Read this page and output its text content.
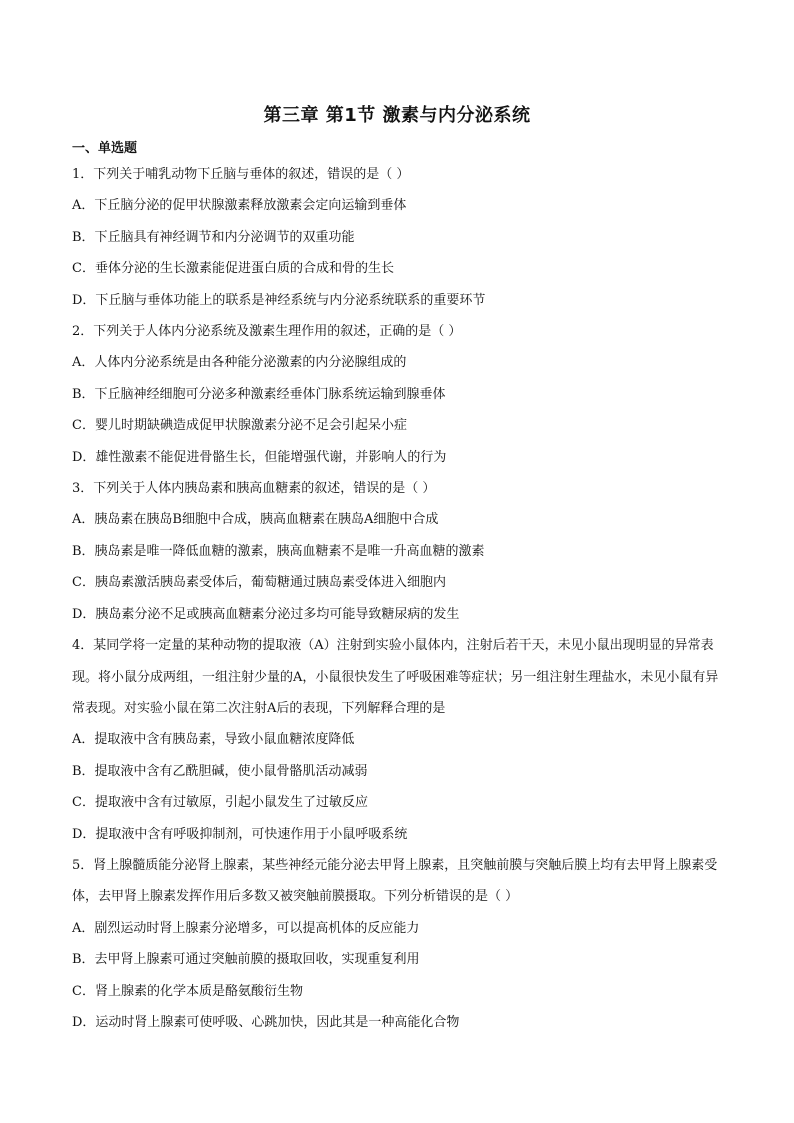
第三章 第1节 激素与内分泌系统
一、单选题
1．下列关于哺乳动物下丘脑与垂体的叙述，错误的是（ ）
A．下丘脑分泌的促甲状腺激素释放激素会定向运输到垂体
B．下丘脑具有神经调节和内分泌调节的双重功能
C．垂体分泌的生长激素能促进蛋白质的合成和骨的生长
D．下丘脑与垂体功能上的联系是神经系统与内分泌系统联系的重要环节
2．下列关于人体内分泌系统及激素生理作用的叙述，正确的是（ ）
A．人体内分泌系统是由各种能分泌激素的内分泌腺组成的
B．下丘脑神经细胞可分泌多种激素经垂体门脉系统运输到腺垂体
C．婴儿时期缺碘造成促甲状腺激素分泌不足会引起呆小症
D．雄性激素不能促进骨骼生长，但能增强代谢，并影响人的行为
3．下列关于人体内胰岛素和胰高血糖素的叙述，错误的是（ ）
A．胰岛素在胰岛B细胞中合成，胰高血糖素在胰岛A细胞中合成
B．胰岛素是唯一降低血糖的激素，胰高血糖素不是唯一升高血糖的激素
C．胰岛素激活胰岛素受体后，葡萄糖通过胰岛素受体进入细胞内
D．胰岛素分泌不足或胰高血糖素分泌过多均可能导致糖尿病的发生
4．某同学将一定量的某种动物的提取液（A）注射到实验小鼠体内，注射后若干天，未见小鼠出现明显的异常表现。将小鼠分成两组，一组注射少量的A，小鼠很快发生了呼吸困难等症状；另一组注射生理盐水，未见小鼠有异常表现。对实验小鼠在第二次注射A后的表现，下列解释合理的是
A．提取液中含有胰岛素，导致小鼠血糖浓度降低
B．提取液中含有乙酰胆碱，使小鼠骨骼肌活动减弱
C．提取液中含有过敏原，引起小鼠发生了过敏反应
D．提取液中含有呼吸抑制剂，可快速作用于小鼠呼吸系统
5．肾上腺髓质能分泌肾上腺素，某些神经元能分泌去甲肾上腺素，且突触前膜与突触后膜上均有去甲肾上腺素受体，去甲肾上腺素发挥作用后多数又被突触前膜摄取。下列分析错误的是（ ）
A．剧烈运动时肾上腺素分泌增多，可以提高机体的反应能力
B．去甲肾上腺素可通过突触前膜的摄取回收，实现重复利用
C．肾上腺素的化学本质是酪氨酸衍生物
D．运动时肾上腺素可使呼吸、心跳加快，因此其是一种高能化合物
